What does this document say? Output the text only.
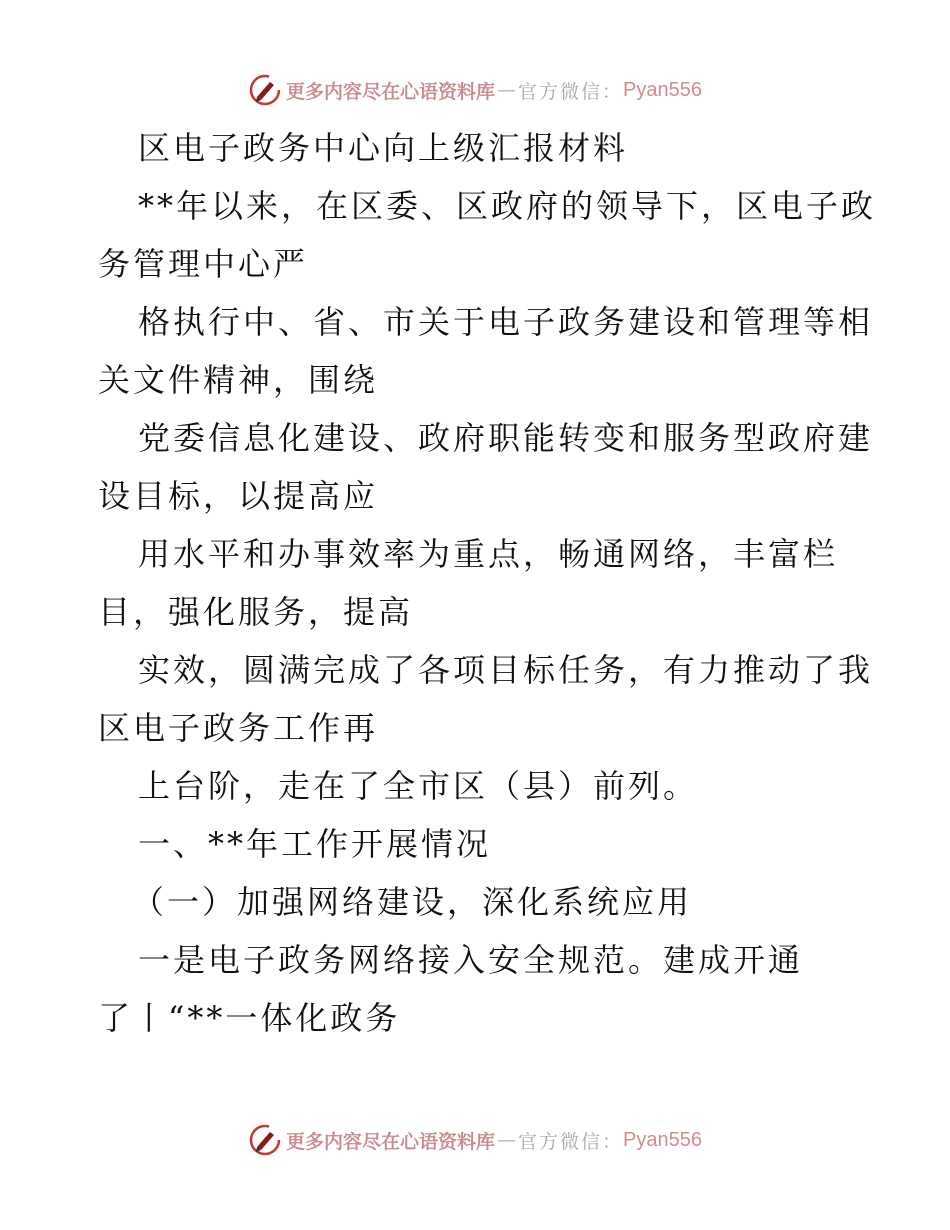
更多内容尽在心语资料库 — 官方微信： Pyan556
区电子政务中心向上级汇报材料
**年以来，在区委、区政府的领导下，区电子政
务管理中心严
格执行中、省、市关于电子政务建设和管理等相
关文件精神，围绕
党委信息化建设、政府职能转变和服务型政府建
设目标，以提高应
用水平和办事效率为重点，畅通网络，丰富栏
目，强化服务，提高
实效，圆满完成了各项目标任务，有力推动了我
区电子政务工作再
上台阶，走在了全市区（县）前列。
一、**年工作开展情况
（一）加强网络建设，深化系统应用
一是电子政务网络接入安全规范。建成开通
了丨“**一体化政务
更多内容尽在心语资料库 — 官方微信： Pyan556
